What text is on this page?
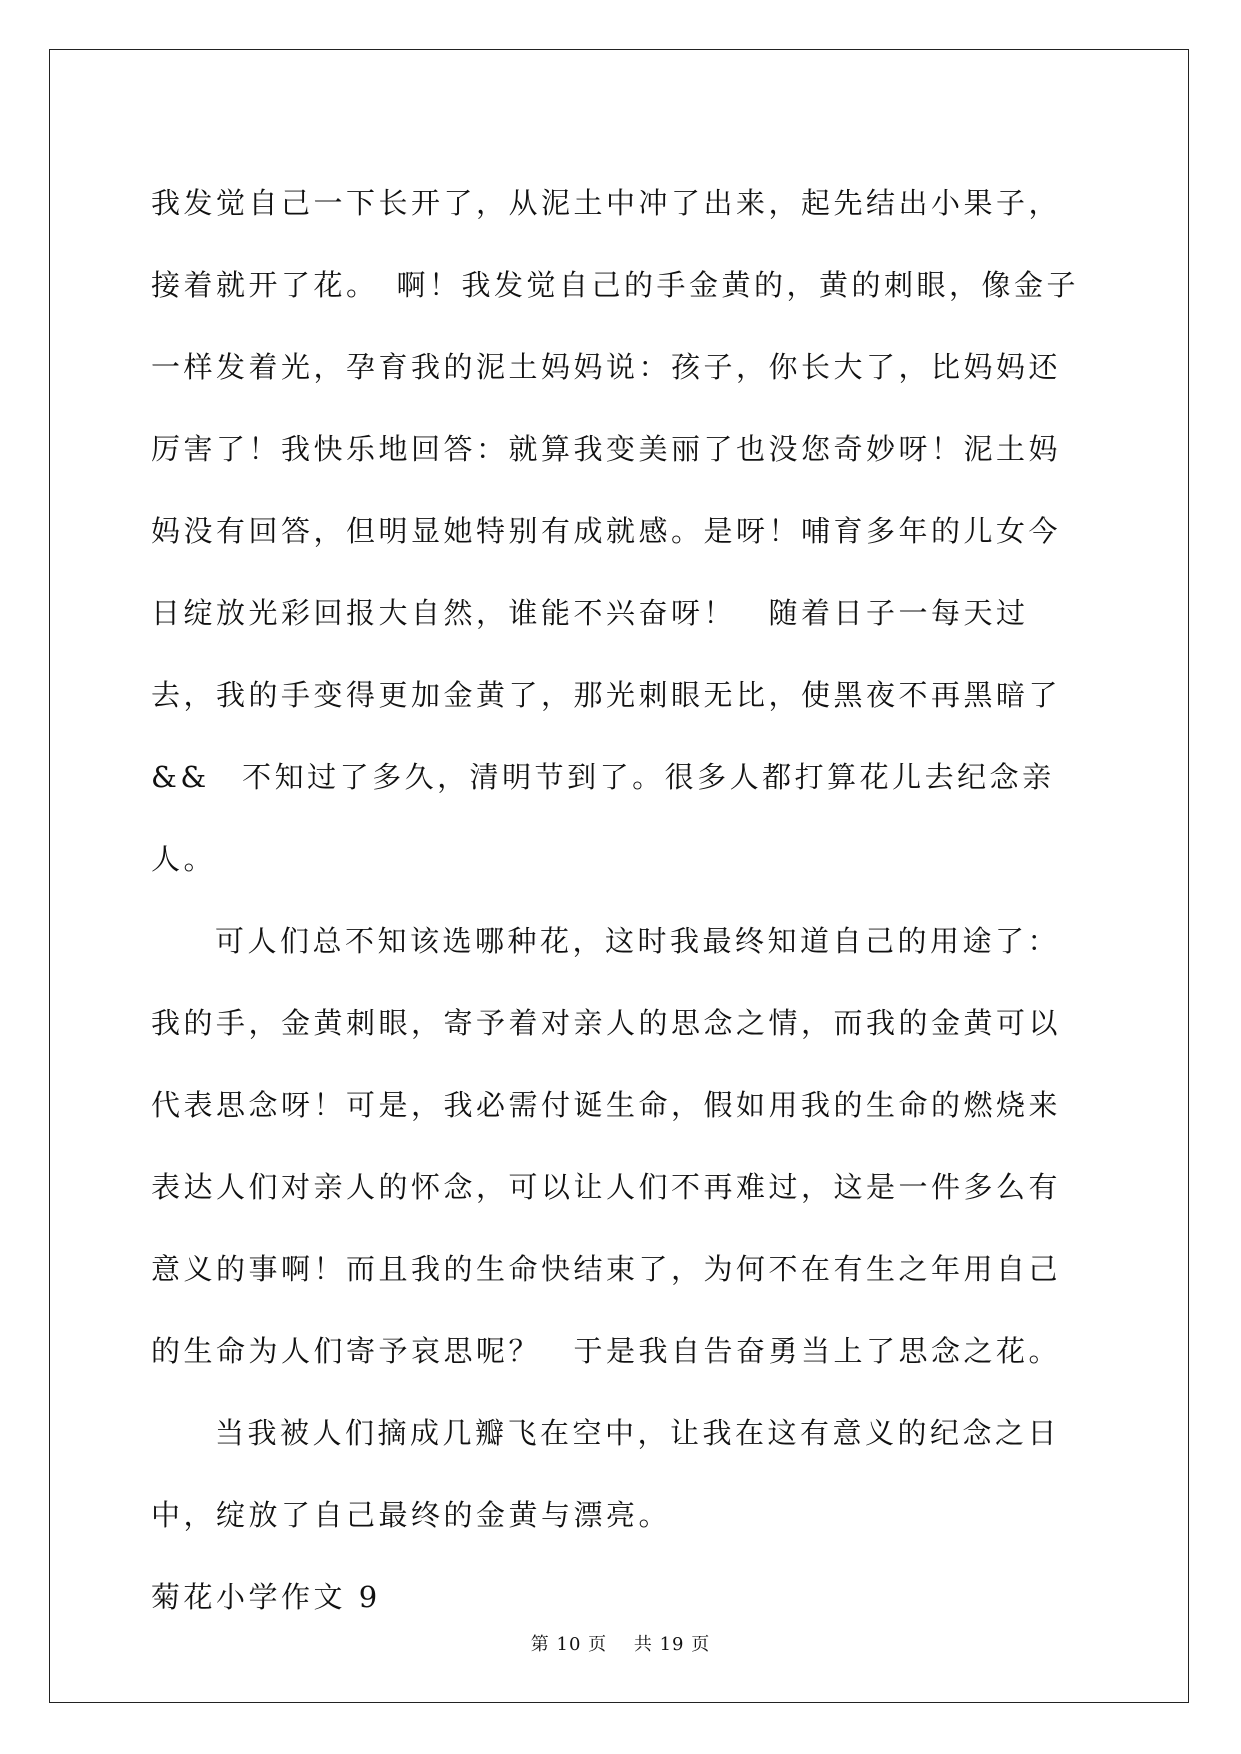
我发觉自己一下长开了，从泥土中冲了出来，起先结出小果子，接着就开了花。　啊！我发觉自己的手金黄的，黄的刺眼，像金子一样发着光，孕育我的泥土妈妈说：孩子，你长大了，比妈妈还厉害了！我快乐地回答：就算我变美丽了也没您奇妙呀！泥土妈妈没有回答，但明显她特别有成就感。是呀！哺育多年的儿女今日绽放光彩回报大自然，谁能不兴奋呀！　随着日子一每天过去，我的手变得更加金黄了，那光刺眼无比，使黑夜不再黑暗了&&　不知过了多久，清明节到了。很多人都打算花儿去纪念亲人。

可人们总不知该选哪种花，这时我最终知道自己的用途了：我的手，金黄刺眼，寄予着对亲人的思念之情，而我的金黄可以代表思念呀！可是，我必需付诞生命，假如用我的生命的燃烧来表达人们对亲人的怀念，可以让人们不再难过，这是一件多么有意义的事啊！而且我的生命快结束了，为何不在有生之年用自己的生命为人们寄予哀思呢？　于是我自告奋勇当上了思念之花。

当我被人们摘成几瓣飞在空中，让我在这有意义的纪念之日中，绽放了自己最终的金黄与漂亮。

菊花小学作文 9

第 10 页 共 19 页
